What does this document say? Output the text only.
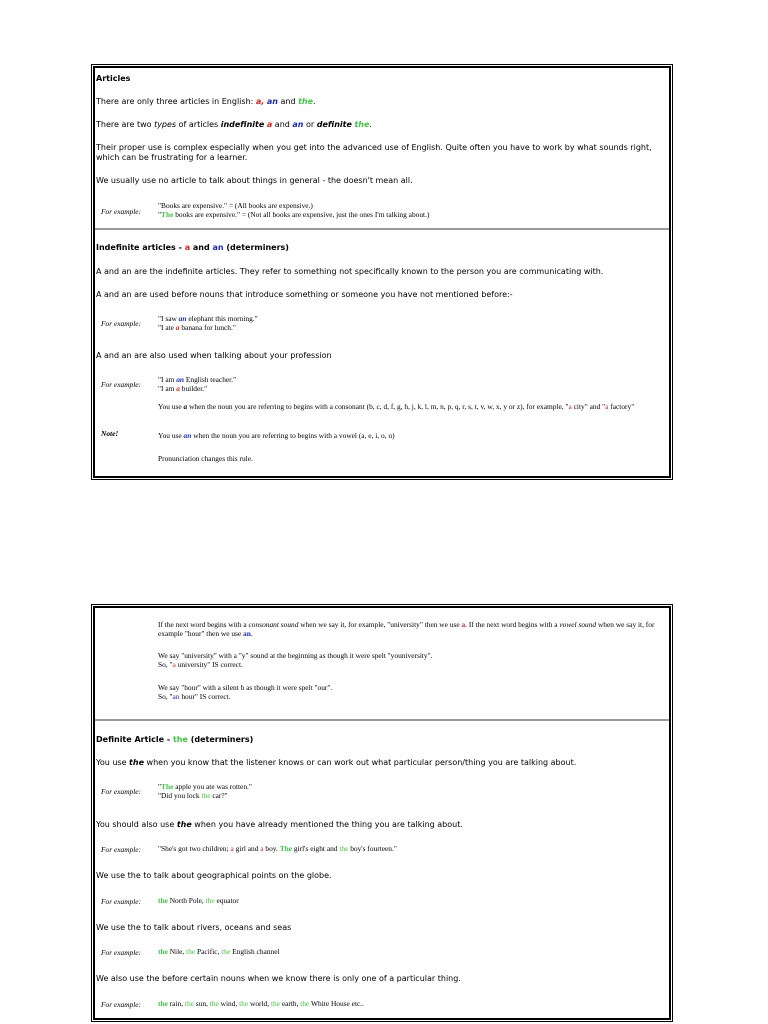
Articles

There are only three articles in English: a, an and the.

There are two types of articles indefinite a and an or definite the.

Their proper use is complex especially when you get into the advanced use of English. Quite often you have to work by what sounds right, which can be frustrating for a learner.

We usually use no article to talk about things in general - the doesn't mean all.

For example:
"Books are expensive." = (All books are expensive.)
"The books are expensive." = (Not all books are expensive, just the ones I'm talking about.)

Indefinite articles - a and an (determiners)

A and an are the indefinite articles. They refer to something not specifically known to the person you are communicating with.

A and an are used before nouns that introduce something or someone you have not mentioned before:-

For example:
"I saw an elephant this morning."
"I ate a banana for lunch."

A and an are also used when talking about your profession

For example:
"I am an English teacher."
"I am a builder."
You use a when the noun you are referring to begins with a consonant (b, c, d, f, g, h, j, k, l, m, n, p, q, r, s, t, v, w, x, y or z), for example, "a city" and "a factory"
Note!	You use an when the noun you are referring to begins with a vowel (a, e, i, o, u)
Pronunciation changes this rule.
If the next word begins with a consonant sound when we say it, for example, "university" then we use a. If the next word begins with a vowel sound when we say it, for example "hour" then we use an.
We say "university" with a "y" sound at the beginning as though it were spelt "youniversity".
So, "a university" IS correct.
We say "hour" with a silent h as though it were spelt "our".
So, "an hour" IS correct.

Definite Article - the (determiners)

You use the when you know that the listener knows or can work out what particular person/thing you are talking about.

For example:
"The apple you ate was rotten."
"Did you lock the car?"

You should also use the when you have already mentioned the thing you are talking about.

For example: "She's got two children; a girl and a boy. The girl's eight and the boy's fourteen."

We use the to talk about geographical points on the globe.

For example: the North Pole, the equator

We use the to talk about rivers, oceans and seas

For example: the Nile, the Pacific, the English channel

We also use the before certain nouns when we know there is only one of a particular thing.

For example: the rain, the sun, the wind, the world, the earth, the White House etc..
